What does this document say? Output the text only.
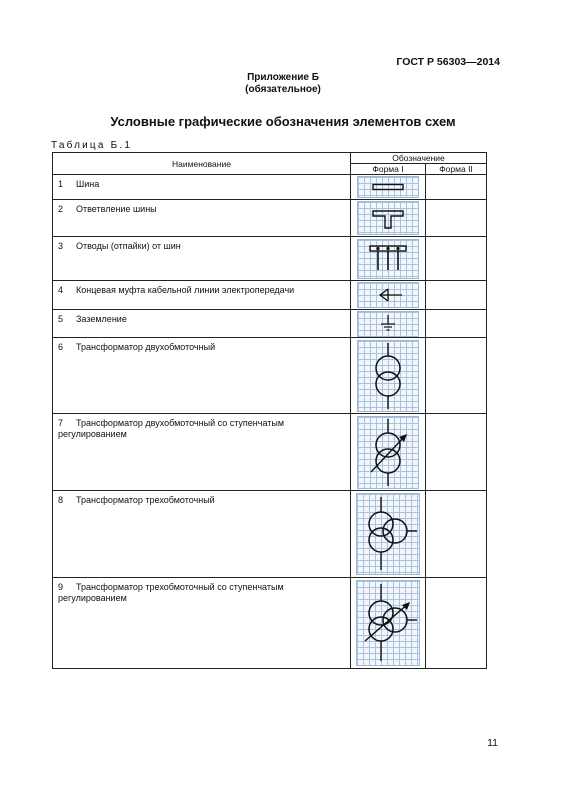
ГОСТ Р 56303—2014
Приложение Б
(обязательное)
Условные графические обозначения элементов схем
Таблица Б.1
Наименование	Обозначение	
	Форма I	Форма II
1 Шина	

2 Ответвление шины	

3 Отводы (отпайки) от шин	

4 Концевая муфта кабельной линии электропередачи	

5 Заземление	

6 Трансформатор двухобмоточный	

7 Трансформатор двухобмоточный со ступенчатым регулированием	

8 Трансформатор трехобмоточный	

9 Трансформатор трехобмоточный со ступенчатым регулированием	

11
